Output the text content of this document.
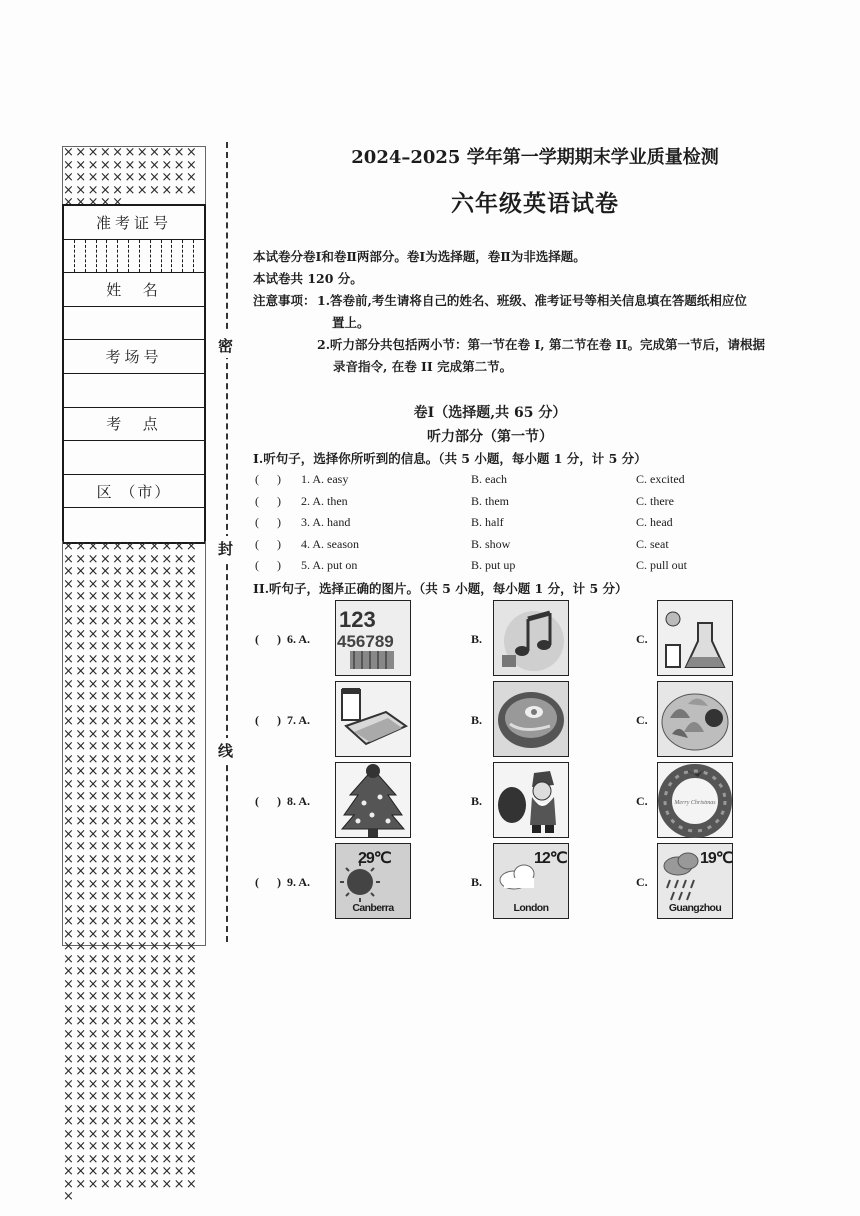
×××××××××××××××××××××××××××××××××××××××××××××××××
准考证号
姓  名
考场号
考  点
区 （市）
×××××××××××××××××××××××××××××××××××××××××××××××××××××××××××××××××××××××××××××××××××××××××××××××××××××××××××××××××××××××××××××××××××××××××××××××××××××××××××××××××××××××××××××××××××××××××××××××××××××××××××××××××××××××××××××××××××××××××××××××××××××××××××××××××××××××××××××××××××××××××××××××××××××××××××××××××××××××××××××××××××××××××××××××××××××××××××××××××××××××××××××××××××××××××××××××××××××××××××××××××××××××××××××××××××××××××××××××××××××××××××××××××××××××××××××××××××××××××××××××××××××××××××××××××××××××××××××××××××××××××××××××××××××××××××××××××××××××××××××××××××××××××××××
密
封
线
2024–2025 学年第一学期期末学业质量检测
六年级英语试卷
本试卷分卷Ⅰ和卷Ⅱ两部分。卷Ⅰ为选择题，卷Ⅱ为非选择题。
本试卷共 120 分。
注意事项： 1.答卷前,考生请将自己的姓名、班级、准考证号等相关信息填在答题纸相应位
置上。
2.听力部分共包括两小节：第一节在卷 I, 第二节在卷 II。完成第一节后，请根据
录音指令, 在卷 II 完成第二节。
卷Ⅰ（选择题,共 65 分）
听力部分（第一节）
I.听句子，选择你所听到的信息。（共 5 小题，每小题 1 分，计 5 分）
(      ) 1. A. easy	B. each	C. excited
(      ) 2. A. then	B. them	C. there
(      ) 3. A. hand	B. half	C. head
(      ) 4. A. season	B. show	C. seat
(      ) 5. A. put on	B. put up	C. pull out
II.听句子，选择正确的图片。（共 5 小题，每小题 1 分，计 5 分）
(      )  6. A.
123
456789	B.	C.
(      )  7. A.	B.	C.
(      )  8. A.	B.	C.	Merry Christmas
(      )  9. A.
29℃
Canberra
B.
12℃
London
C.
19℃
Guangzhou
